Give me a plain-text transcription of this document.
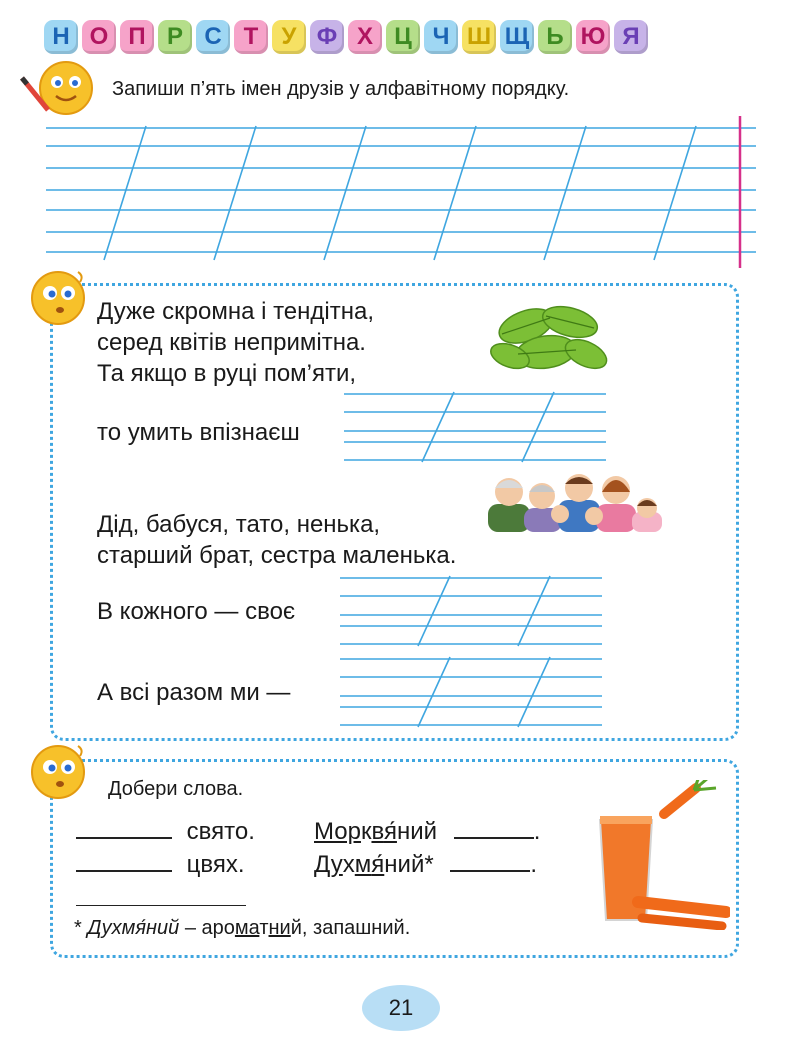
Н О П Р С Т У Ф Х Ц Ч Ш Щ Ь Ю Я
Запиши п’ять імен друзів у алфавітному порядку.
Дуже скромна і тендітна,
серед квітів непримітна.
Та якщо в руці пом’яти,
то умить впізнаєш
Дід, бабуся, тато, ненька,
старший брат, сестра маленька.
В кожного — своє
А всі разом ми —
Добери слова.
свято.
цвях.
Морквя́ний	.
Духмя́ний*	.
* Духмя́ний – ароматний, запашний.
21
